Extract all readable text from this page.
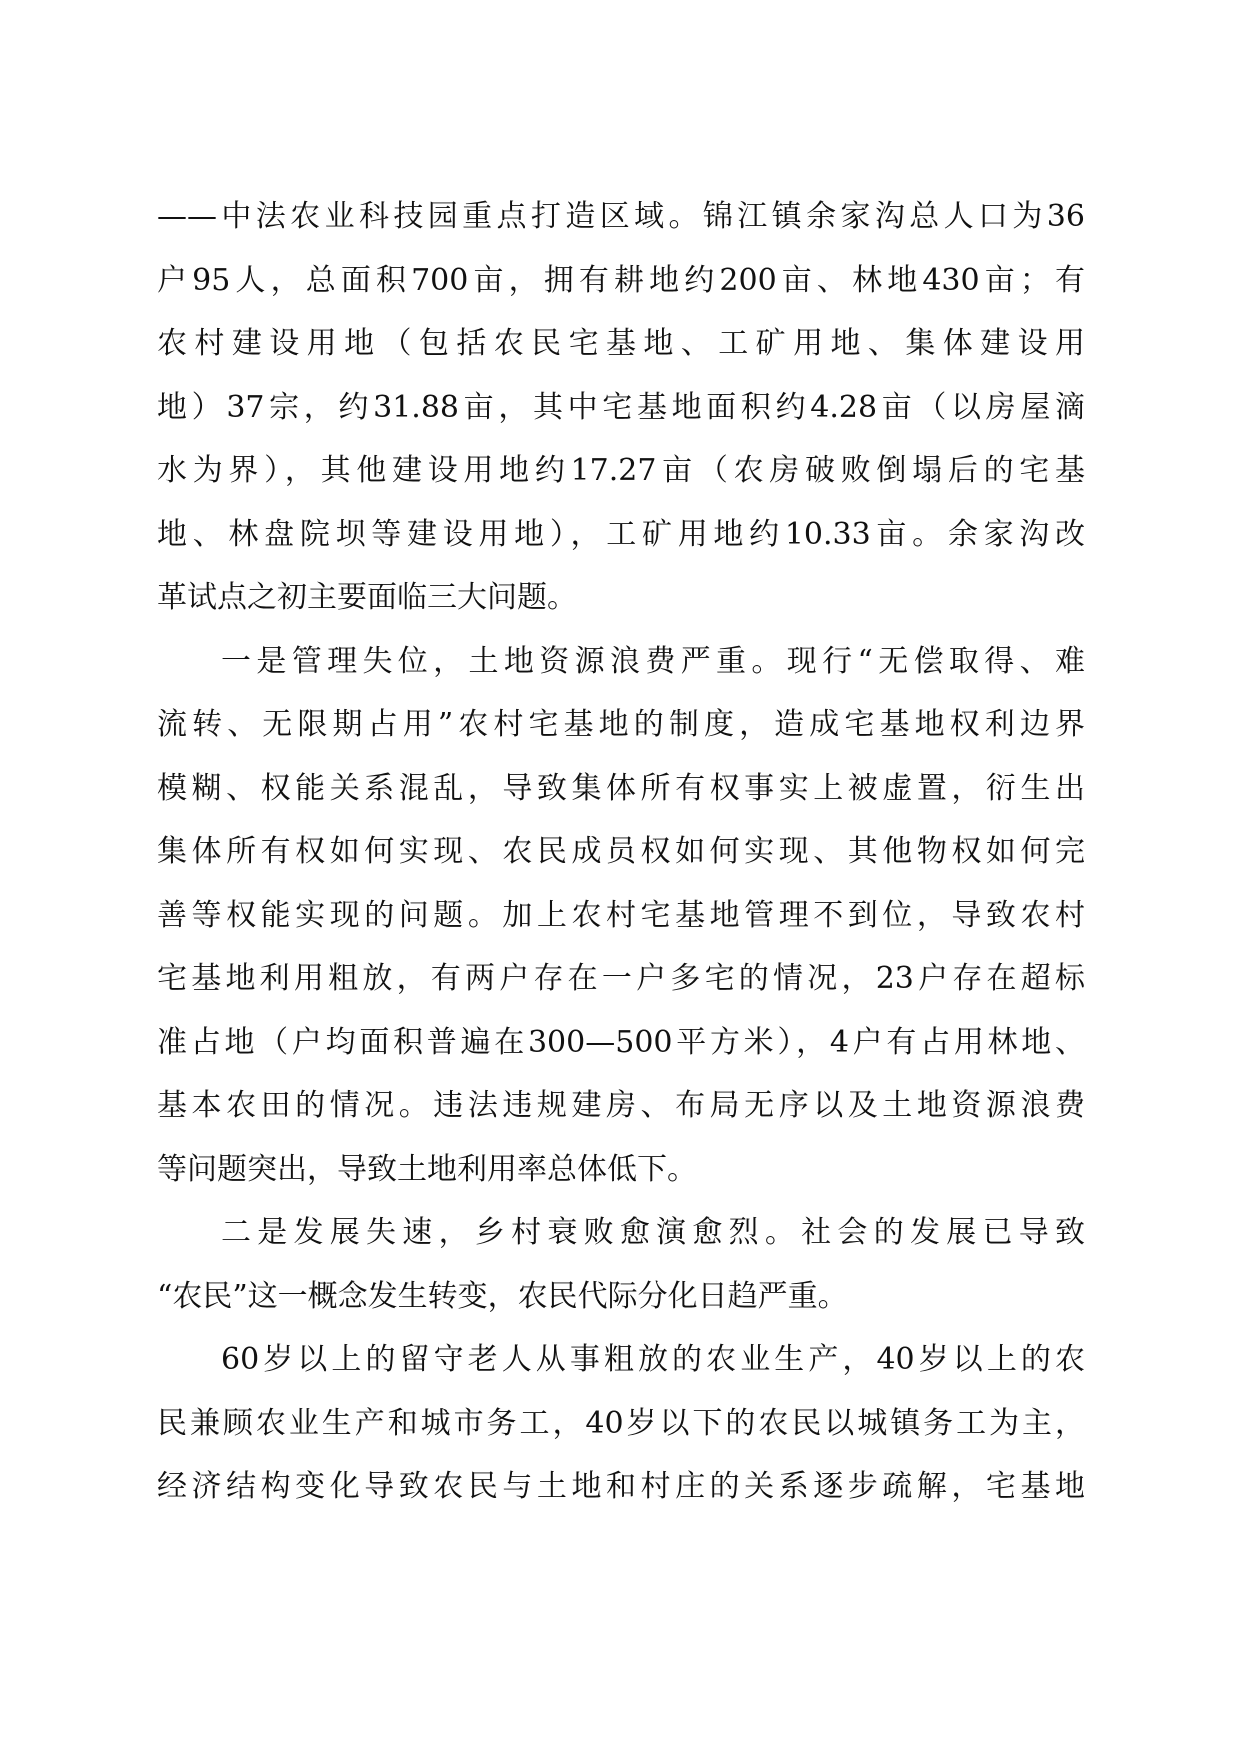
——中法农业科技园重点打造区域。锦江镇余家沟总人口为36
户95人，总面积700亩，拥有耕地约200亩、林地430亩；有
农村建设用地（包括农民宅基地、工矿用地、集体建设用
地）37宗，约31.88亩，其中宅基地面积约4.28亩（以房屋滴
水为界），其他建设用地约17.27亩（农房破败倒塌后的宅基
地、林盘院坝等建设用地），工矿用地约10.33亩。余家沟改
革试点之初主要面临三大问题。
一是管理失位，土地资源浪费严重。现行“无偿取得、难
流转、无限期占用”农村宅基地的制度，造成宅基地权利边界
模糊、权能关系混乱，导致集体所有权事实上被虚置，衍生出
集体所有权如何实现、农民成员权如何实现、其他物权如何完
善等权能实现的问题。加上农村宅基地管理不到位，导致农村
宅基地利用粗放，有两户存在一户多宅的情况，23户存在超标
准占地（户均面积普遍在300—500平方米），4户有占用林地、
基本农田的情况。违法违规建房、布局无序以及土地资源浪费
等问题突出，导致土地利用率总体低下。
二是发展失速，乡村衰败愈演愈烈。社会的发展已导致
“农民”这一概念发生转变，农民代际分化日趋严重。
60岁以上的留守老人从事粗放的农业生产，40岁以上的农
民兼顾农业生产和城市务工，40岁以下的农民以城镇务工为主，
经济结构变化导致农民与土地和村庄的关系逐步疏解，宅基地
